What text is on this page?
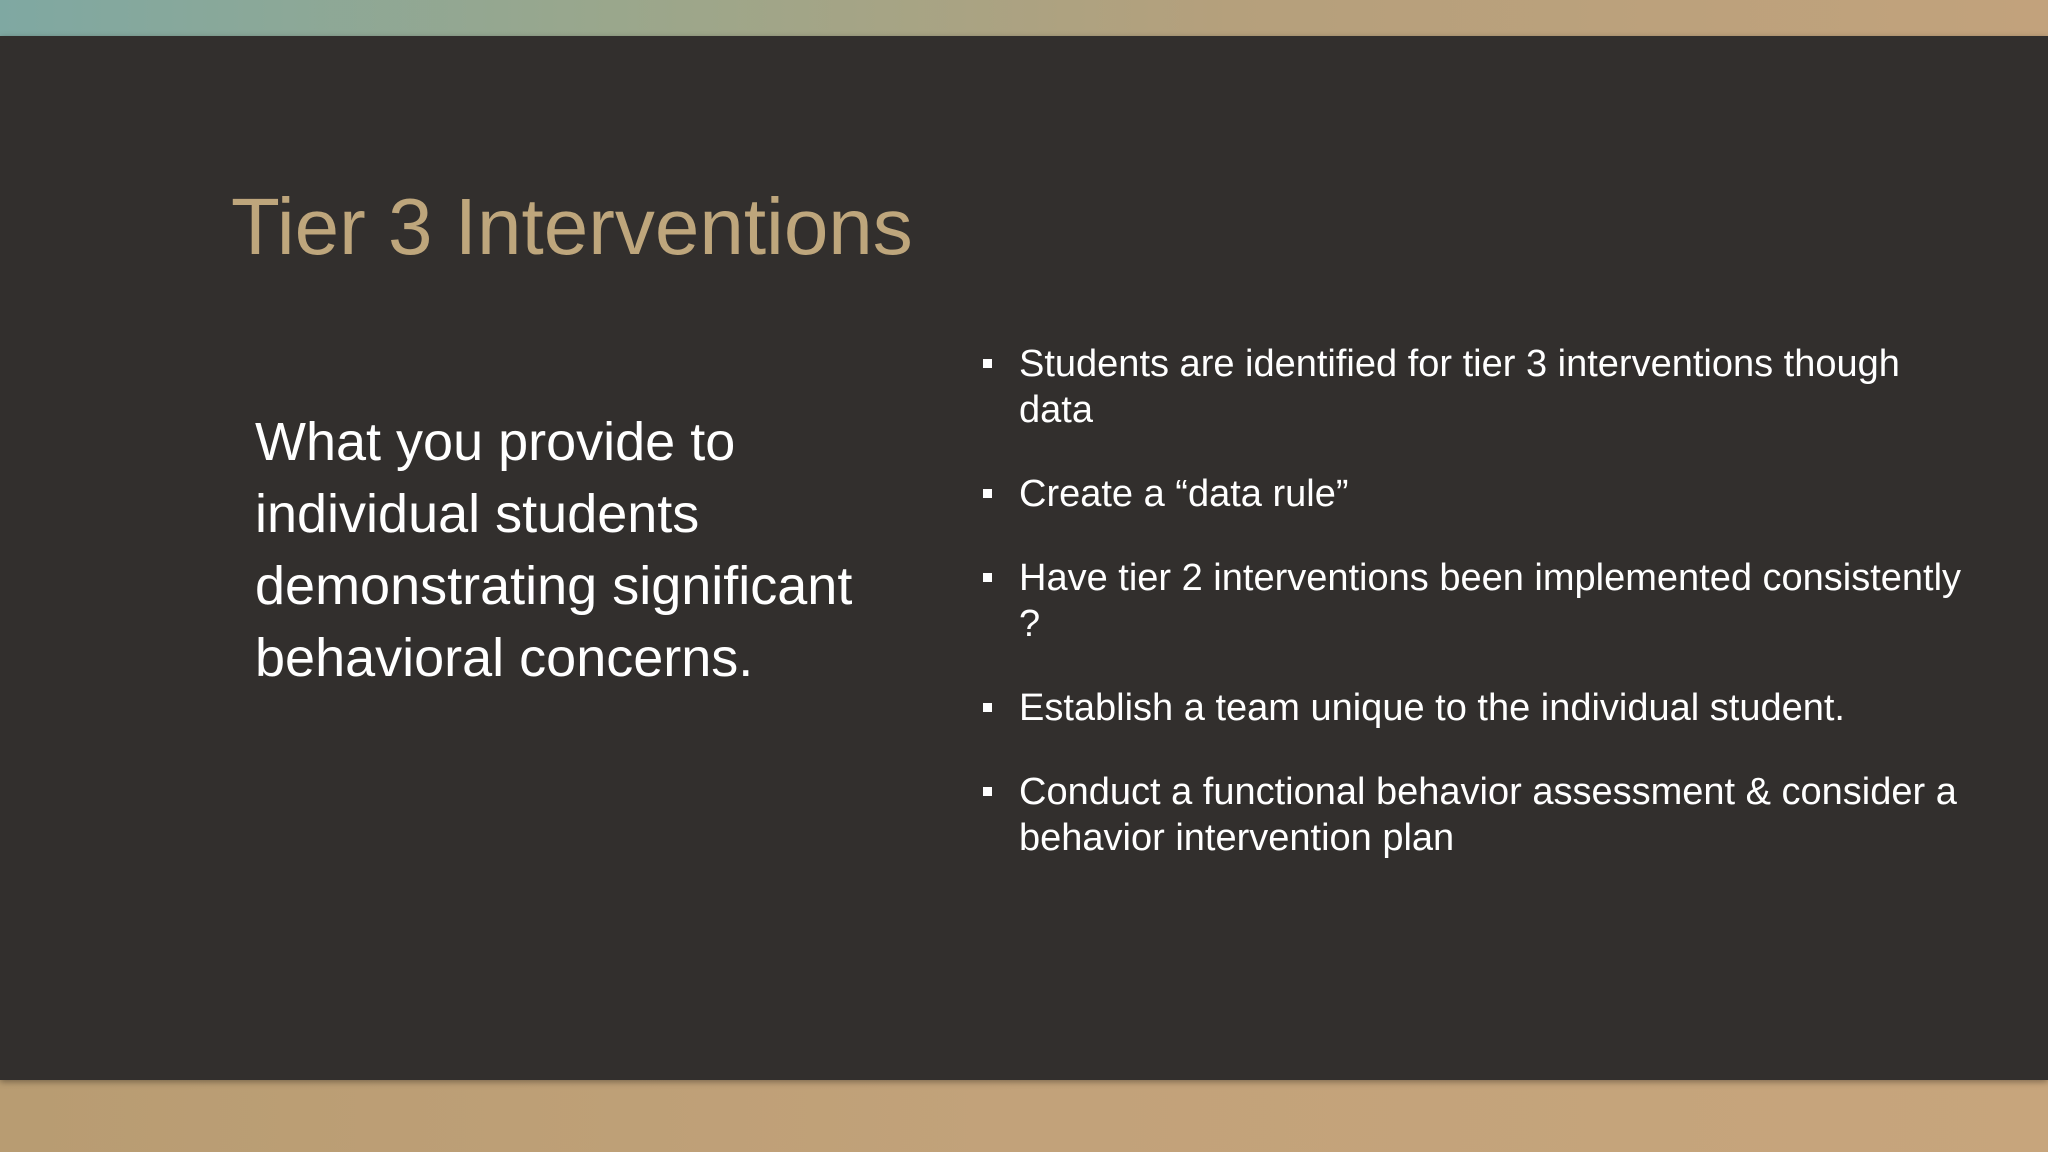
Tier 3 Interventions

What you provide to individual students demonstrating significant behavioral concerns.

Students are identified for tier 3 interventions though data
Create a “data rule”
Have tier 2 interventions been implemented consistently ?
Establish a team unique to the individual student.
Conduct a functional behavior assessment & consider a behavior intervention plan
